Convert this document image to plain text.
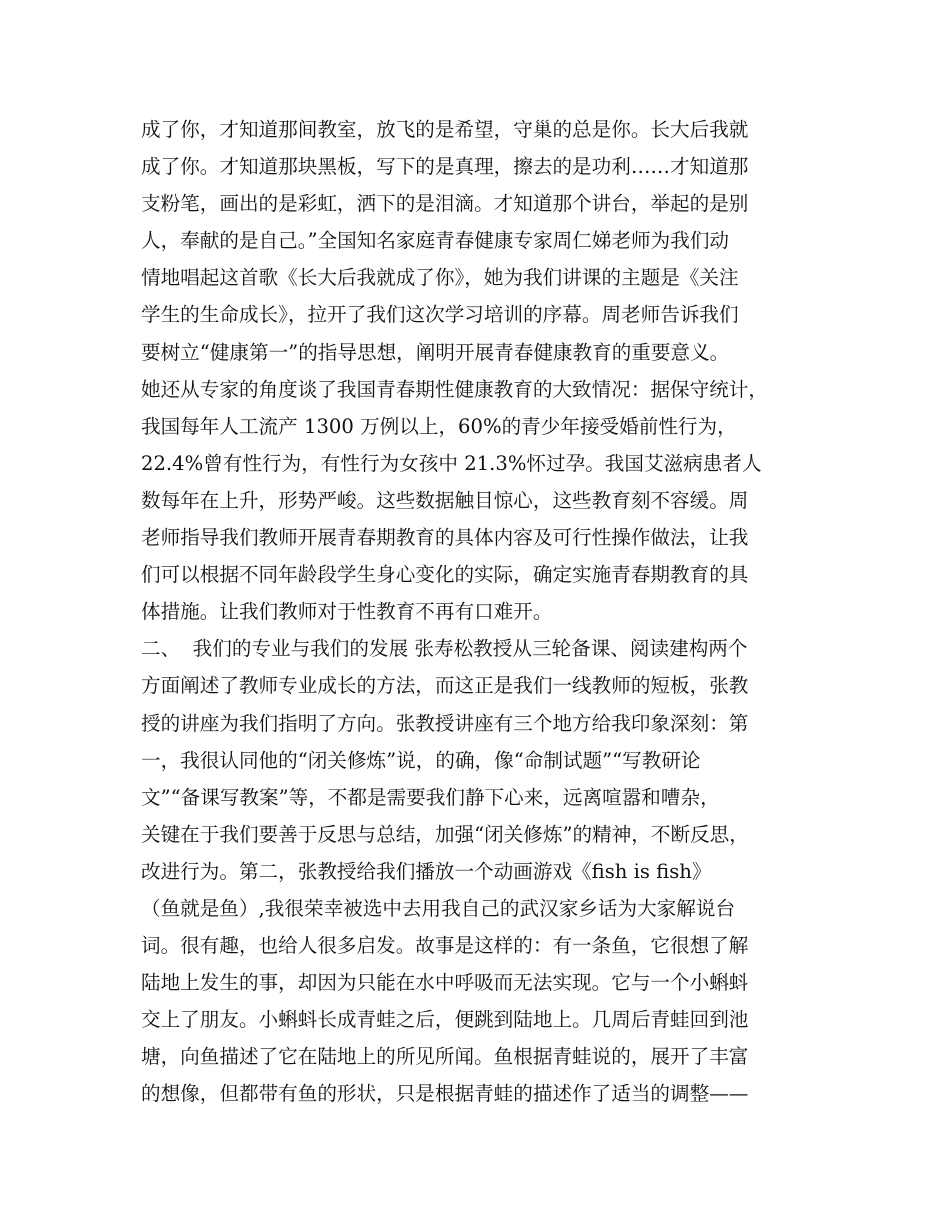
成了你，才知道那间教室，放飞的是希望，守巢的总是你。长大后我就
成了你。才知道那块黑板，写下的是真理，擦去的是功利……才知道那
支粉笔，画出的是彩虹，洒下的是泪滴。才知道那个讲台，举起的是别
人，奉献的是自己。”全国知名家庭青春健康专家周仁娣老师为我们动
情地唱起这首歌《长大后我就成了你》，她为我们讲课的主题是《关注
学生的生命成长》，拉开了我们这次学习培训的序幕。周老师告诉我们
要树立“健康第一”的指导思想，阐明开展青春健康教育的重要意义。
她还从专家的角度谈了我国青春期性健康教育的大致情况：据保守统计，
我国每年人工流产 1300 万例以上，60%的青少年接受婚前性行为，
22.4%曾有性行为，有性行为女孩中 21.3%怀过孕。我国艾滋病患者人
数每年在上升，形势严峻。这些数据触目惊心，这些教育刻不容缓。周
老师指导我们教师开展青春期教育的具体内容及可行性操作做法，让我
们可以根据不同年龄段学生身心变化的实际，确定实施青春期教育的具
体措施。让我们教师对于性教育不再有口难开。
二、  我们的专业与我们的发展 张寿松教授从三轮备课、阅读建构两个
方面阐述了教师专业成长的方法，而这正是我们一线教师的短板，张教
授的讲座为我们指明了方向。张教授讲座有三个地方给我印象深刻：第
一，我很认同他的“闭关修炼”说，的确，像“命制试题”“写教研论
文”“备课写教案”等，不都是需要我们静下心来，远离喧嚣和嘈杂，
关键在于我们要善于反思与总结，加强“闭关修炼”的精神，不断反思，
改进行为。第二，张教授给我们播放一个动画游戏《fish is fish》
（鱼就是鱼）,我很荣幸被选中去用我自己的武汉家乡话为大家解说台
词。很有趣，也给人很多启发。故事是这样的：有一条鱼，它很想了解
陆地上发生的事，却因为只能在水中呼吸而无法实现。它与一个小蝌蚪
交上了朋友。小蝌蚪长成青蛙之后，便跳到陆地上。几周后青蛙回到池
塘，向鱼描述了它在陆地上的所见所闻。鱼根据青蛙说的，展开了丰富
的想像，但都带有鱼的形状，只是根据青蛙的描述作了适当的调整——
